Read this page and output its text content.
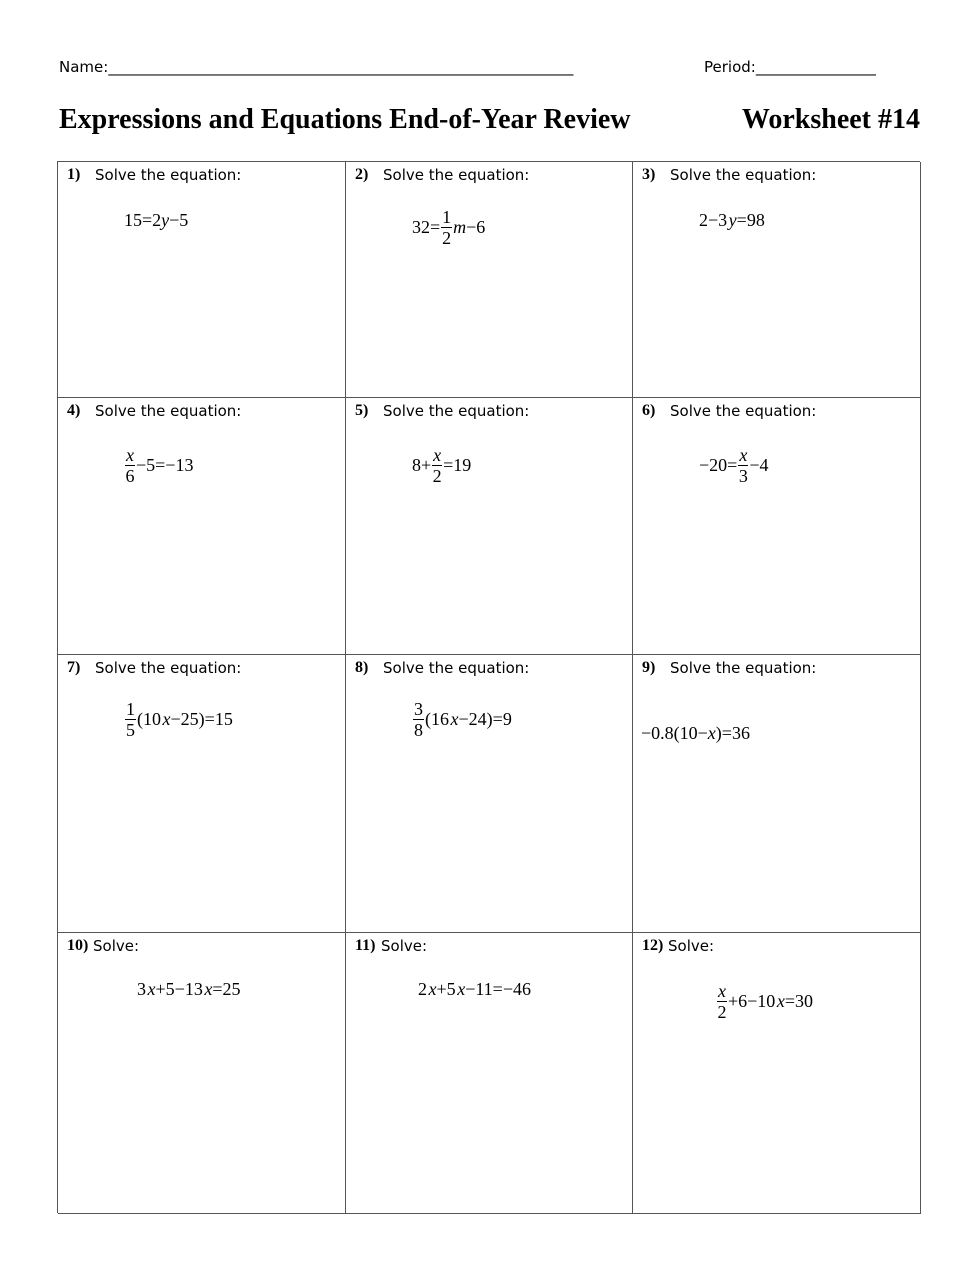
Name:______________________________________________________________	Period:________________
Expressions and Equations End-of-Year Review	Worksheet #14
1) Solve the equation:
15=2 y −5
2) Solve the equation:
$32= \frac{1}{2}$ m −6
3) Solve the equation:
2−3
  y =98
4) Solve the equation:
$\frac{x}{6} -5=-13$
5) Solve the equation:
$8+ \frac{x}{2} =19$
6) Solve the equation:
$-20= \frac{x}{3} -4$
7) Solve the equation:
$\frac{1}{5} (10$
  x −25)=15
8) Solve the equation:
$\frac{3}{8} (16$
  x −24)=9
9) Solve the equation:
−0.8(10− x )=36
10) Solve:
3
  x +5−13
  x =25
11) Solve:
2
  x +5
  x −11=−46
12) Solve:
$\frac{x}{2} +6-10$
  x =30
